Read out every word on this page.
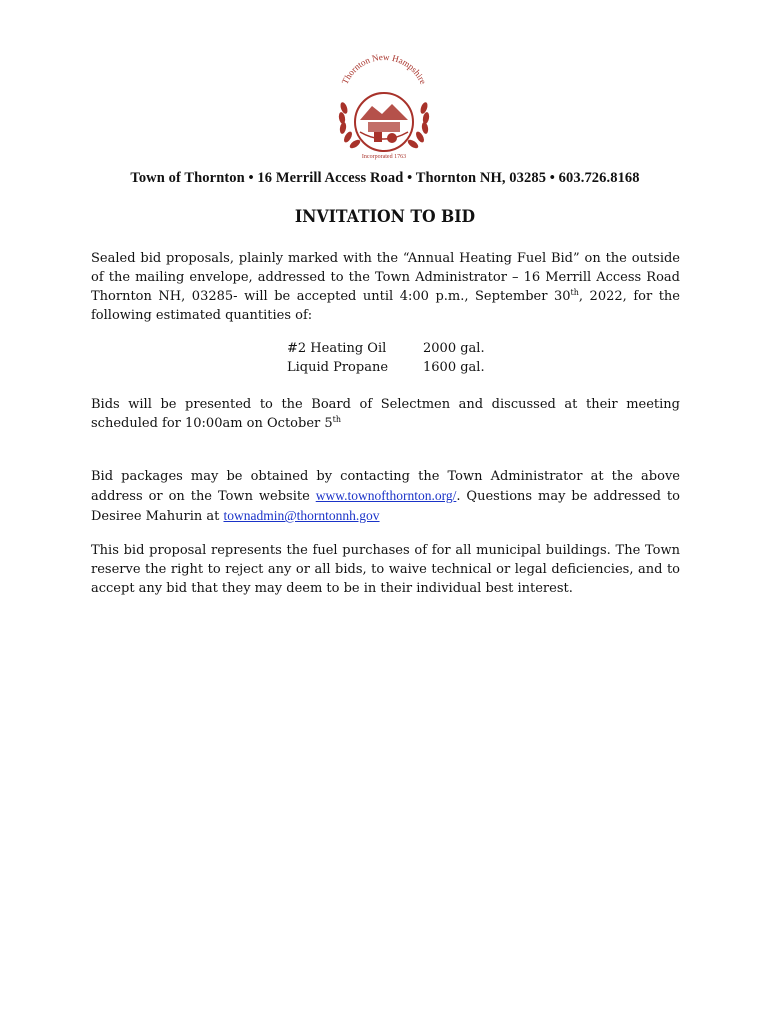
Thornton New Hampshire
Incorporated 1763
Town of Thornton • 16 Merrill Access Road • Thornton NH, 03285 • 603.726.8168
INVITATION TO BID
Sealed bid proposals, plainly marked with the “Annual Heating Fuel Bid” on the outside of the mailing envelope, addressed to the Town Administrator – 16 Merrill Access Road Thornton NH, 03285- will be accepted until 4:00 p.m., September 30th, 2022, for the following estimated quantities of:
#2 Heating Oil	2000 gal.
Liquid Propane	1600 gal.
Bids will be presented to the Board of Selectmen and discussed at their meeting scheduled for 10:00am on October 5th
Bid packages may be obtained by contacting the Town Administrator at the above address or on the Town website www.townofthornton.org/. Questions may be addressed to Desiree Mahurin at townadmin@thorntonnh.gov
This bid proposal represents the fuel purchases of for all municipal buildings. The Town reserve the right to reject any or all bids, to waive technical or legal deficiencies, and to accept any bid that they may deem to be in their individual best interest.
